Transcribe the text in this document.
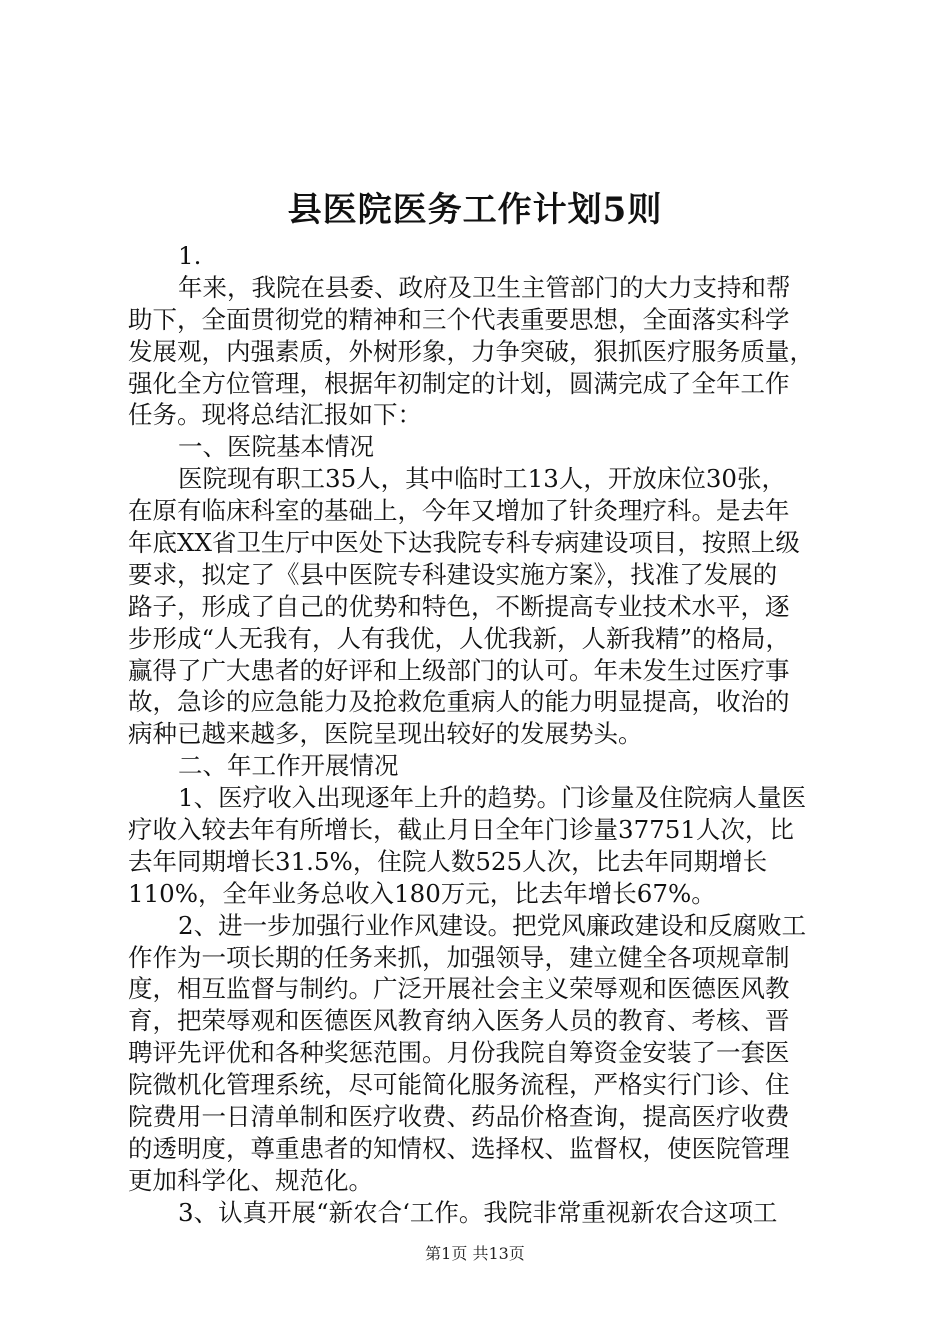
县医院医务工作计划5则
1.
年来，我院在县委、政府及卫生主管部门的大力支持和帮
助下，全面贯彻党的精神和三个代表重要思想，全面落实科学
发展观，内强素质，外树形象，力争突破，狠抓医疗服务质量，
强化全方位管理，根据年初制定的计划，圆满完成了全年工作
任务。现将总结汇报如下：
一、医院基本情况
医院现有职工35人，其中临时工13人，开放床位30张，
在原有临床科室的基础上，今年又增加了针灸理疗科。是去年
年底XX省卫生厅中医处下达我院专科专病建设项目，按照上级
要求，拟定了《县中医院专科建设实施方案》，找准了发展的
路子，形成了自己的优势和特色，不断提高专业技术水平，逐
步形成“人无我有，人有我优，人优我新，人新我精”的格局，
赢得了广大患者的好评和上级部门的认可。年未发生过医疗事
故，急诊的应急能力及抢救危重病人的能力明显提高，收治的
病种已越来越多，医院呈现出较好的发展势头。
二、年工作开展情况
1、医疗收入出现逐年上升的趋势。门诊量及住院病人量医
疗收入较去年有所增长，截止月日全年门诊量37751人次，比
去年同期增长31.5%，住院人数525人次，比去年同期增长
110%，全年业务总收入180万元，比去年增长67%。
2、进一步加强行业作风建设。把党风廉政建设和反腐败工
作作为一项长期的任务来抓，加强领导，建立健全各项规章制
度，相互监督与制约。广泛开展社会主义荣辱观和医德医风教
育，把荣辱观和医德医风教育纳入医务人员的教育、考核、晋
聘评先评优和各种奖惩范围。月份我院自筹资金安装了一套医
院微机化管理系统，尽可能简化服务流程，严格实行门诊、住
院费用一日清单制和医疗收费、药品价格查询，提高医疗收费
的透明度，尊重患者的知情权、选择权、监督权，使医院管理
更加科学化、规范化。
3、认真开展“新农合‘工作。我院非常重视新农合这项工
第1页 共13页
